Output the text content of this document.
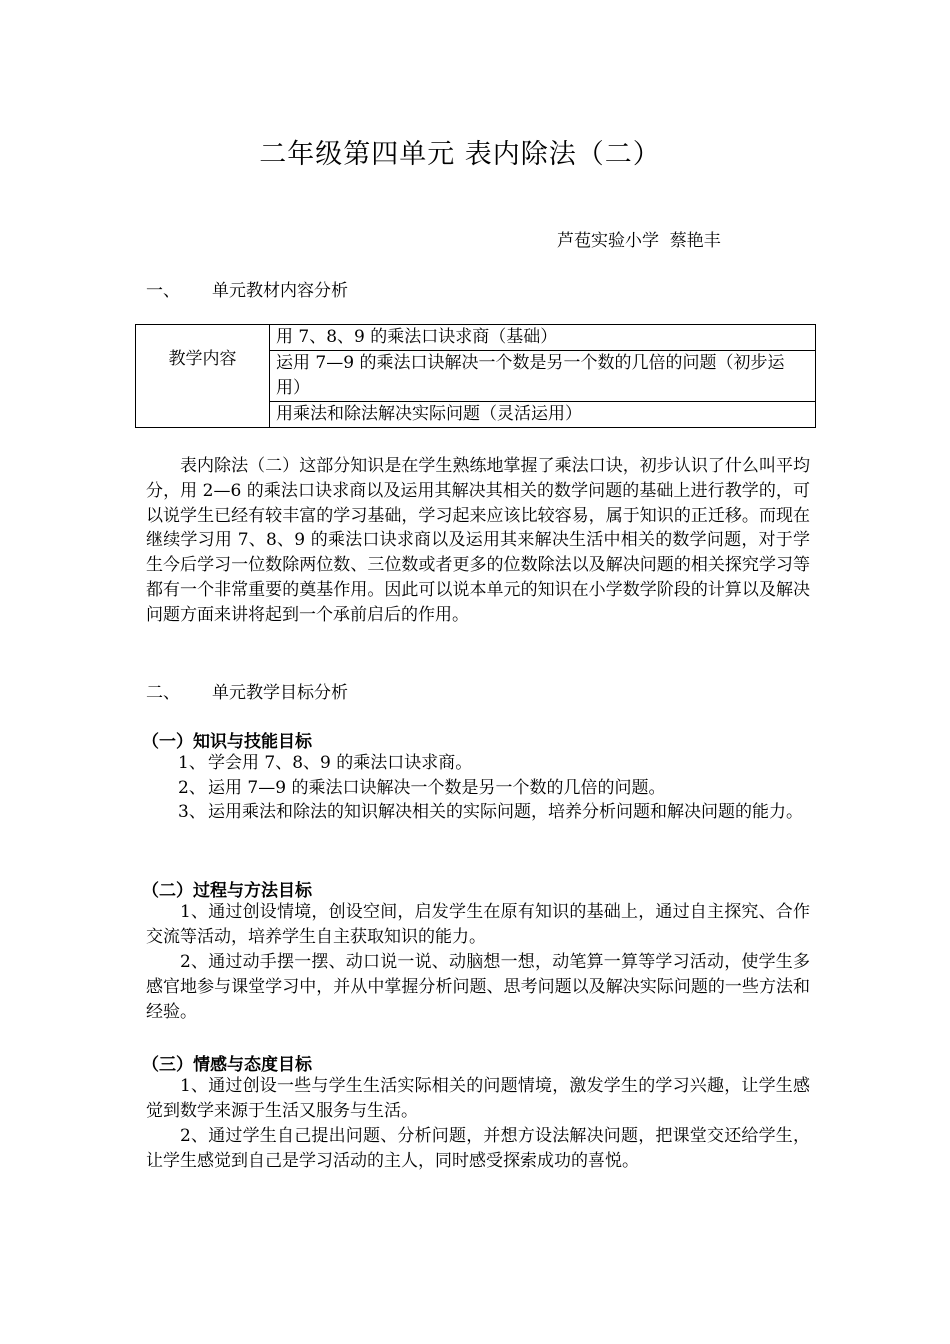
二年级第四单元 表内除法（二）
芦苞实验小学  蔡艳丰
一、 单元教材内容分析
教学内容	用 7、8、9 的乘法口诀求商（基础）
运用 7—9 的乘法口诀解决一个数是另一个数的几倍的问题（初步运用）
用乘法和除法解决实际问题（灵活运用）
表内除法（二）这部分知识是在学生熟练地掌握了乘法口诀，初步认识了什么叫平均分，用 2—6 的乘法口诀求商以及运用其解决其相关的数学问题的基础上进行教学的，可以说学生已经有较丰富的学习基础，学习起来应该比较容易，属于知识的正迁移。而现在继续学习用 7、8、9 的乘法口诀求商以及运用其来解决生活中相关的数学问题，对于学生今后学习一位数除两位数、三位数或者更多的位数除法以及解决问题的相关探究学习等都有一个非常重要的奠基作用。因此可以说本单元的知识在小学数学阶段的计算以及解决问题方面来讲将起到一个承前启后的作用。
二、 单元教学目标分析
（一）知识与技能目标
1、 学会用 7、8、9 的乘法口诀求商。
2、 运用 7—9 的乘法口诀解决一个数是另一个数的几倍的问题。
3、 运用乘法和除法的知识解决相关的实际问题，培养分析问题和解决问题的能力。
（二）过程与方法目标
1、通过创设情境，创设空间，启发学生在原有知识的基础上，通过自主探究、合作交流等活动，培养学生自主获取知识的能力。
2、通过动手摆一摆、动口说一说、动脑想一想，动笔算一算等学习活动，使学生多感官地参与课堂学习中，并从中掌握分析问题、思考问题以及解决实际问题的一些方法和经验。
（三）情感与态度目标
1、通过创设一些与学生生活实际相关的问题情境，激发学生的学习兴趣，让学生感觉到数学来源于生活又服务与生活。
2、通过学生自己提出问题、分析问题，并想方设法解决问题，把课堂交还给学生，让学生感觉到自己是学习活动的主人，同时感受探索成功的喜悦。
